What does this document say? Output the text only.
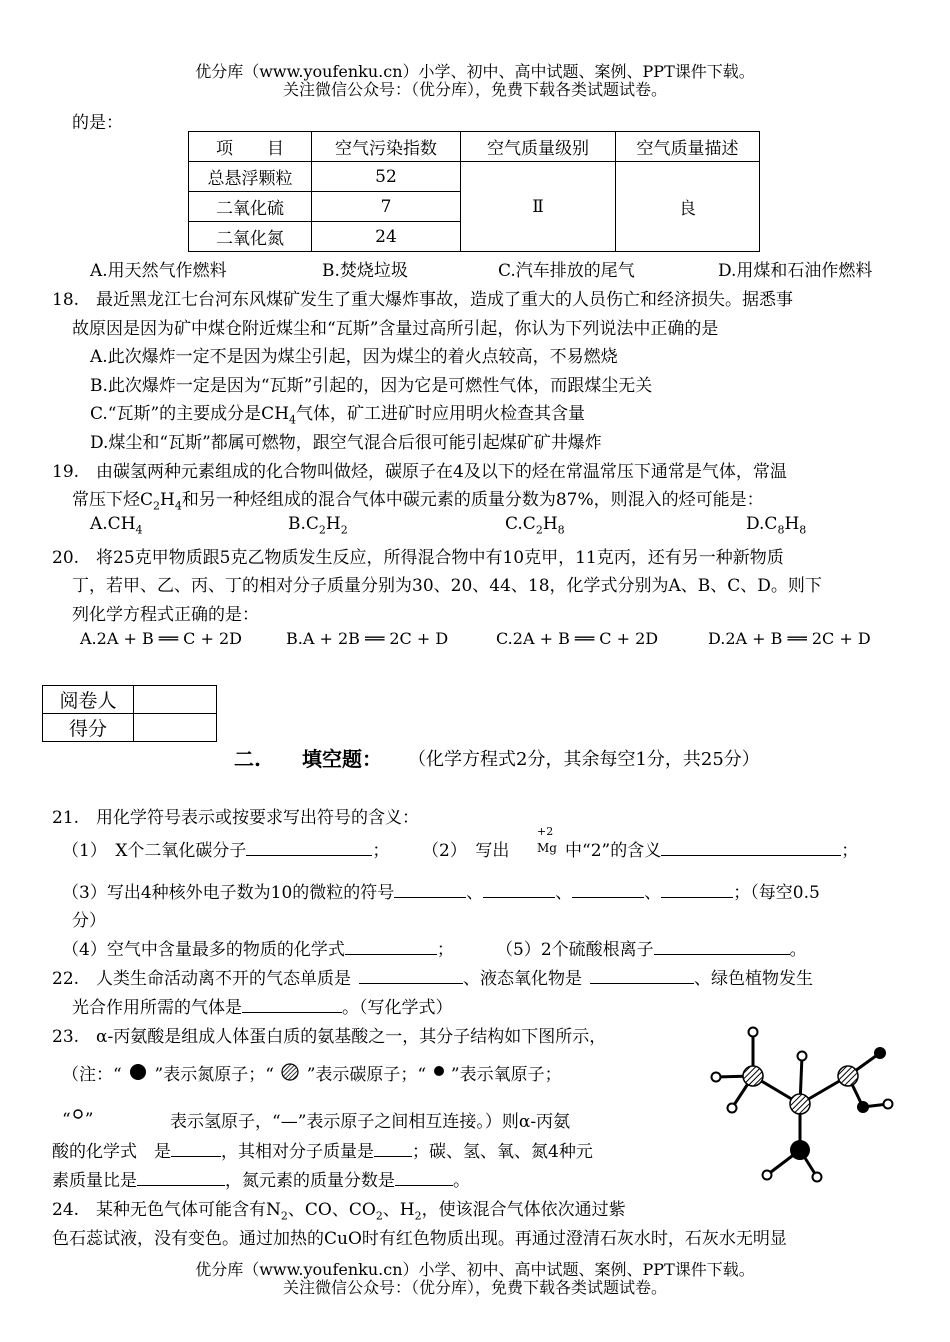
优分库（www.youfenku.cn）小学、初中、高中试题、案例、PPT课件下载。
关注微信公众号：（优分库），免费下载各类试题试卷。
的是：
项　　目	空气污染指数	空气质量级别	空气质量描述
总悬浮颗粒	52	Ⅱ	良
二氧化硫	7		
二氧化氮	24		
A.用天然气作燃料	B.焚烧垃圾	C.汽车排放的尾气	D.用煤和石油作燃料
18.　最近黑龙江七台河东风煤矿发生了重大爆炸事故，造成了重大的人员伤亡和经济损失。据悉事
故原因是因为矿中煤仓附近煤尘和“瓦斯”含量过高所引起，你认为下列说法中正确的是
A.此次爆炸一定不是因为煤尘引起，因为煤尘的着火点较高，不易燃烧
B.此次爆炸一定是因为“瓦斯”引起的，因为它是可燃性气体，而跟煤尘无关
C.“瓦斯”的主要成分是$CH_4$气体，矿工进矿时应用明火检查其含量
D.煤尘和“瓦斯”都属可燃物，跟空气混合后很可能引起煤矿矿井爆炸
19.　由碳氢两种元素组成的化合物叫做烃，碳原子在4及以下的烃在常温常压下通常是气体，常温
常压下烃$C_2H_4$和另一种烃组成的混合气体中碳元素的质量分数为87%，则混入的烃可能是：
$A.CH_4$	$B.C_2H_2$	$C.C_2H_8$	$D.C_8H_8$
20.　将25克甲物质跟5克乙物质发生反应，所得混合物中有10克甲，11克丙，还有另一种新物质
丁，若甲、乙、丙、丁的相对分子质量分别为30、20、44、18，化学式分别为A、B、C、D。则下
列化学方程式正确的是：
A.2A + B ══ C + 2D	B.A + 2B ══ 2C + D	C.2A + B ══ C + 2D	D.2A + B ══ 2C + D
阅卷人	
得分	
二. 填空题： （化学方程式2分，其余每空1分，共25分）
21.　用化学符号表示或按要求写出符号的含义：
（1）　X个二氧化碳分子	； （2）　写出
+2
Mg 中“2”的含义	；
（3）写出4种核外电子数为10的微粒的符号	、	、	、	；（每空0.5
分）
（4）空气中含量最多的物质的化学式	； （5）2个硫酸根离子	。
22.　人类生命活动离不开的气态单质是	、液态氧化物是	、绿色植物发生
光合作用所需的气体是	。（写化学式）
23.　α-丙氨酸是组成人体蛋白质的氨基酸之一，其分子结构如下图所示，
（注：“ ”表示氮原子；“ ”表示碳原子；“ ”表示氧原子；
“ ”	表示氢原子，“—”表示原子之间相互连接。）则α-丙氨
酸的化学式　是	，其相对分子质量是 ；碳、氢、氧、氮4种元
素质量比是	，氮元素的质量分数是	。
24.　某种无色气体可能含有$N_2$、CO、$CO_2$、$H_2$，使该混合气体依次通过紫
色石蕊试液，没有变色。通过加热的CuO时有红色物质出现。再通过澄清石灰水时，石灰水无明显
优分库（www.youfenku.cn）小学、初中、高中试题、案例、PPT课件下载。
关注微信公众号：（优分库），免费下载各类试题试卷。
